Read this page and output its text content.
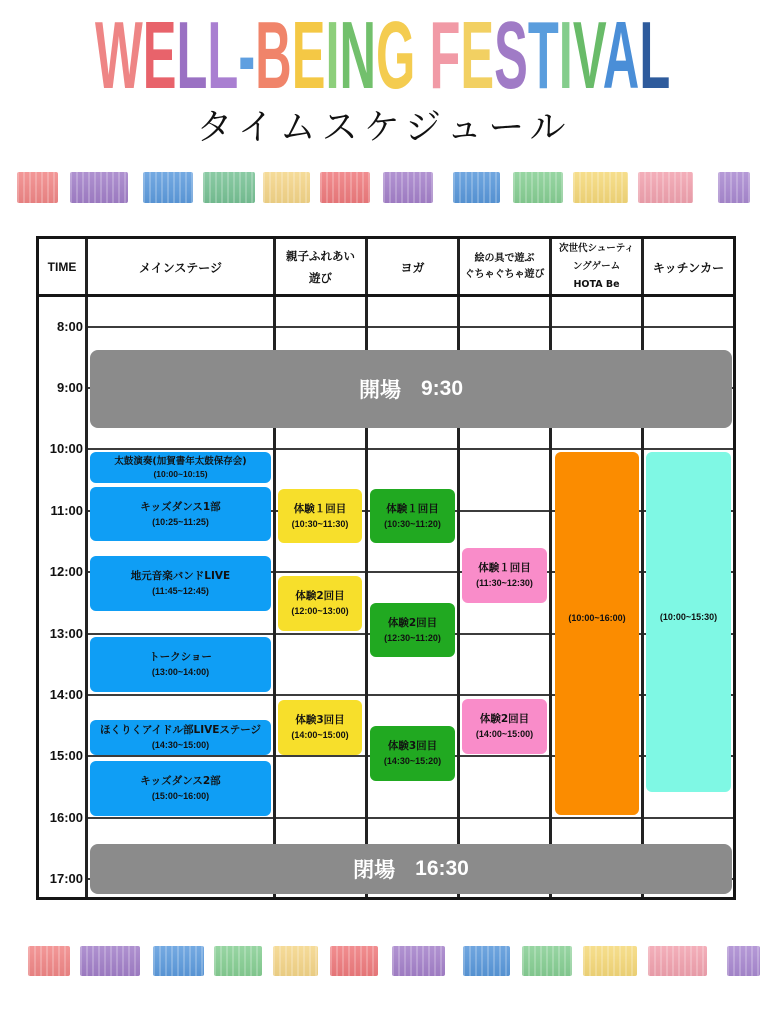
WELL-BEING FESTIVAL
タイムスケジュール
TIME	メインステージ
親子ふれあい
遊び
ヨガ
絵の具で遊ぶ
ぐちゃぐちゃ遊び
次世代シューティ
ングゲーム
HOTA Be
キッチンカー
8:00
9:00
10:00
11:00
12:00
13:00
14:00
15:00
16:00
17:00
太鼓演奏(加賀書年太鼓保存会)
(10:00~10:15)
キッズダンス1部
(10:25~11:25)
地元音楽バンドLIVE
(11:45~12:45)
トークショー
(13:00~14:00)
ほくりくアイドル部LIVEステージ
(14:30~15:00)
キッズダンス2部
(15:00~16:00)
体験１回目
(10:30~11:30)
体験2回目
(12:00~13:00)
体験3回目
(14:00~15:00)
体験１回目
(10:30~11:20)
体験2回目
(12:30~11:20)
体験3回目
(14:30~15:20)
体験１回目
(11:30~12:30)
体験2回目
(14:00~15:00)
(10:00~16:00)	(10:00~15:30)
開場 9:30
閉場 16:30
